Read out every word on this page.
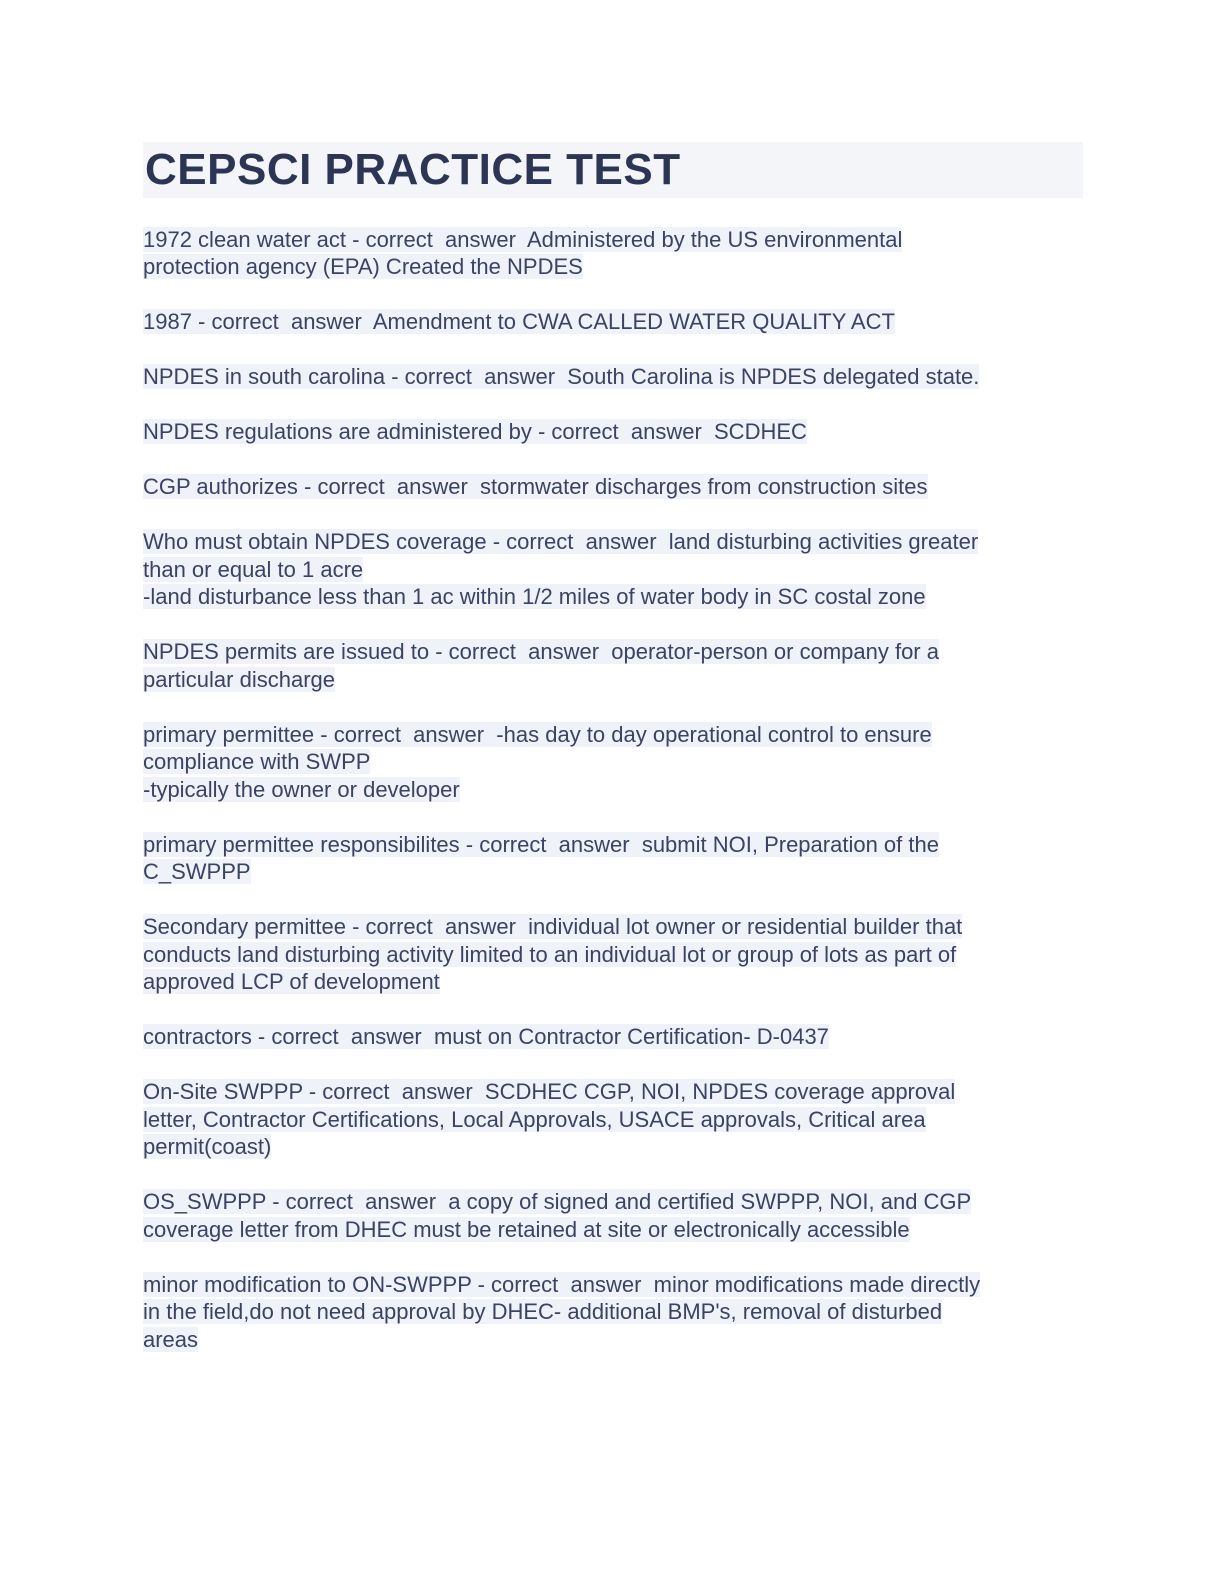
CEPSCI PRACTICE TEST
1972 clean water act - correct  answer  Administered by the US environmental
protection agency (EPA) Created the NPDES
1987 - correct  answer  Amendment to CWA CALLED WATER QUALITY ACT
NPDES in south carolina - correct  answer  South Carolina is NPDES delegated state.
NPDES regulations are administered by - correct  answer  SCDHEC
CGP authorizes - correct  answer  stormwater discharges from construction sites
Who must obtain NPDES coverage - correct  answer  land disturbing activities greater
than or equal to 1 acre
-land disturbance less than 1 ac within 1/2 miles of water body in SC costal zone
NPDES permits are issued to - correct  answer  operator-person or company for a
particular discharge
primary permittee - correct  answer  -has day to day operational control to ensure
compliance with SWPP
-typically the owner or developer
primary permittee responsibilites - correct  answer  submit NOI, Preparation of the
C_SWPPP
Secondary permittee - correct  answer  individual lot owner or residential builder that
conducts land disturbing activity limited to an individual lot or group of lots as part of
approved LCP of development
contractors - correct  answer  must on Contractor Certification- D-0437
On-Site SWPPP - correct  answer  SCDHEC CGP, NOI, NPDES coverage approval
letter, Contractor Certifications, Local Approvals, USACE approvals, Critical area
permit(coast)
OS_SWPPP - correct  answer  a copy of signed and certified SWPPP, NOI, and CGP
coverage letter from DHEC must be retained at site or electronically accessible
minor modification to ON-SWPPP - correct  answer  minor modifications made directly
in the field,do not need approval by DHEC- additional BMP's, removal of disturbed
areas
